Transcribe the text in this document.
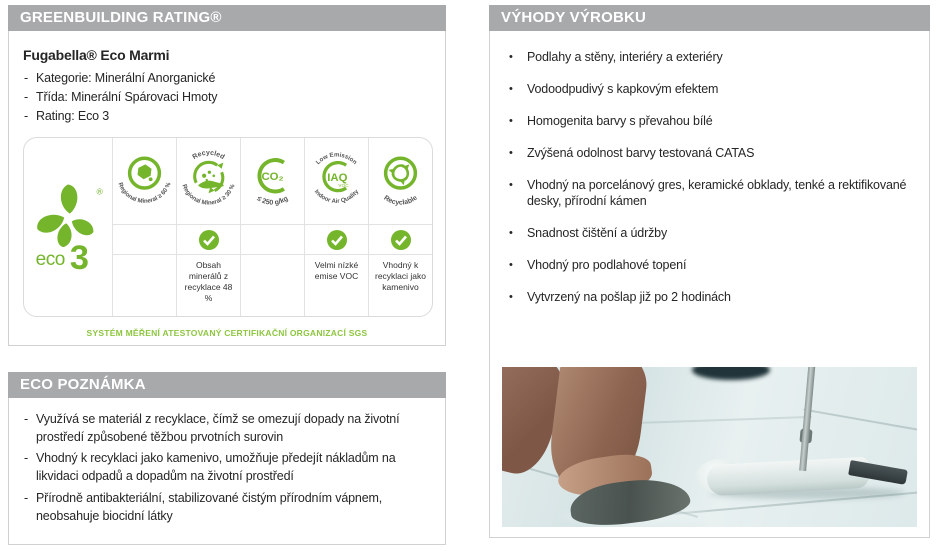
GREENBUILDING RATING®
Fugabella® Eco Marmi
- Kategorie: Minerální Anorganické
- Třída: Minerální Spárovaci Hmoty
- Rating: Eco 3
®
eco 3
Regional Mineral ≥ 60 %
Recycled
Regional Mineral ≥ 30 %
CO₂
≤ 250 g/kg
IAQ
VOC
Low Emission
Indoor Air Quality
Recyclable
Obsah minerálů z recyklace 48 %
Velmi nízké emise VOC
Vhodný k recyklaci jako kamenivo
SYSTÉM MĚŘENÍ ATESTOVANÝ CERTIFIKAČNÍ ORGANIZACÍ SGS
ECO POZNÁMKA
- Využívá se materiál z recyklace, čímž se omezují dopady na životní prostředí způsobené těžbou prvotních surovin
- Vhodný k recyklaci jako kamenivo, umožňuje předejít nákladům na likvidaci odpadů a dopadům na životní prostředí
- Přírodně antibakteriální, stabilizované čistým přírodním vápnem, neobsahuje biocidní látky
VÝHODY VÝROBKU
• Podlahy a stěny, interiéry a exteriéry
• Vodoodpudivý s kapkovým efektem
• Homogenita barvy s převahou bílé
• Zvýšená odolnost barvy testovaná CATAS
• Vhodný na porcelánový gres, keramické obklady, tenké a rektifikované desky, přírodní kámen
• Snadnost čištění a údržby
• Vhodný pro podlahové topení
• Vytvrzený na pošlap již po 2 hodinách
